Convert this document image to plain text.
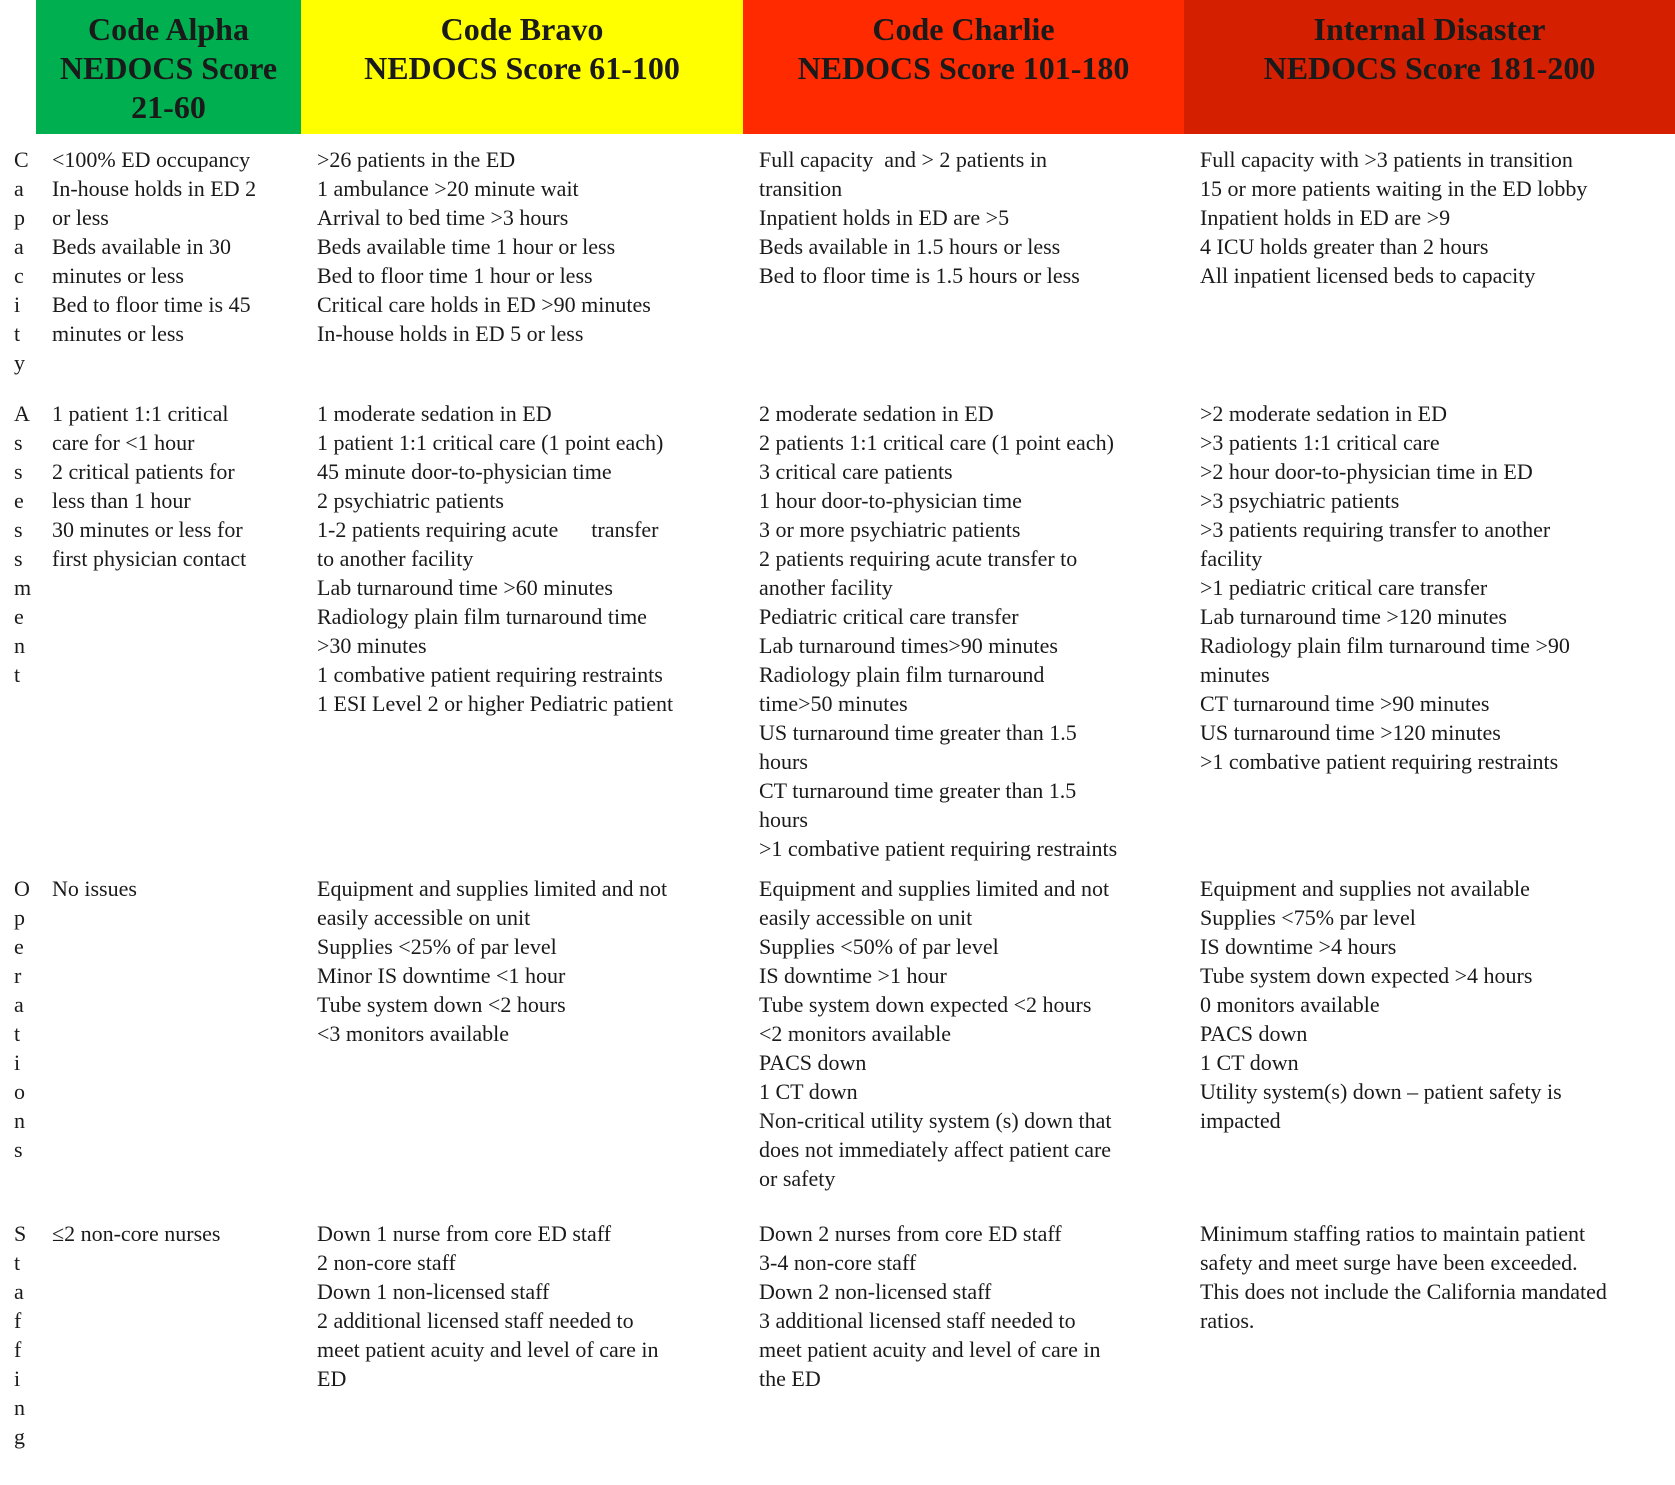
Code Alpha
NEDOCS Score
21-60
Code Bravo
NEDOCS Score 61-100
Code Charlie
NEDOCS Score 101-180
Internal Disaster
NEDOCS Score 181-200
C
a
p
a
c
i
t
y
<100% ED occupancy
In-house holds in ED 2
or less
Beds available in 30
minutes or less
Bed to floor time is 45
minutes or less
>26 patients in the ED
1 ambulance >20 minute wait
Arrival to bed time >3 hours
Beds available time 1 hour or less
Bed to floor time 1 hour or less
Critical care holds in ED >90 minutes
In-house holds in ED 5 or less
Full capacity  and > 2 patients in
transition
Inpatient holds in ED are >5
Beds available in 1.5 hours or less
Bed to floor time is 1.5 hours or less
Full capacity with >3 patients in transition
15 or more patients waiting in the ED lobby
Inpatient holds in ED are >9
4 ICU holds greater than 2 hours
All inpatient licensed beds to capacity
A
s
s
e
s
s
m
e
n
t
1 patient 1:1 critical
care for <1 hour
2 critical patients for
less than 1 hour
30 minutes or less for
first physician contact
1 moderate sedation in ED
1 patient 1:1 critical care (1 point each)
45 minute door-to-physician time
2 psychiatric patients
1-2 patients requiring acute      transfer
to another facility
Lab turnaround time >60 minutes
Radiology plain film turnaround time
>30 minutes
1 combative patient requiring restraints
1 ESI Level 2 or higher Pediatric patient
2 moderate sedation in ED
2 patients 1:1 critical care (1 point each)
3 critical care patients
1 hour door-to-physician time
3 or more psychiatric patients
2 patients requiring acute transfer to
another facility
Pediatric critical care transfer
Lab turnaround times>90 minutes
Radiology plain film turnaround
time>50 minutes
US turnaround time greater than 1.5
hours
CT turnaround time greater than 1.5
hours
>1 combative patient requiring restraints
>2 moderate sedation in ED
>3 patients 1:1 critical care
>2 hour door-to-physician time in ED
>3 psychiatric patients
>3 patients requiring transfer to another
facility
>1 pediatric critical care transfer
Lab turnaround time >120 minutes
Radiology plain film turnaround time >90
minutes
CT turnaround time >90 minutes
US turnaround time >120 minutes
>1 combative patient requiring restraints
O
p
e
r
a
t
i
o
n
s
No issues	Equipment and supplies limited and not
easily accessible on unit
Supplies <25% of par level
Minor IS downtime <1 hour
Tube system down <2 hours
<3 monitors available
Equipment and supplies limited and not
easily accessible on unit
Supplies <50% of par level
IS downtime >1 hour
Tube system down expected <2 hours
<2 monitors available
PACS down
1 CT down
Non-critical utility system (s) down that
does not immediately affect patient care
or safety
Equipment and supplies not available
Supplies <75% par level
IS downtime >4 hours
Tube system down expected >4 hours
0 monitors available
PACS down
1 CT down
Utility system(s) down – patient safety is
impacted
S
t
a
f
f
i
n
g
≤2 non-core nurses	Down 1 nurse from core ED staff
2 non-core staff
Down 1 non-licensed staff
2 additional licensed staff needed to
meet patient acuity and level of care in
ED
Down 2 nurses from core ED staff
3-4 non-core staff
Down 2 non-licensed staff
3 additional licensed staff needed to
meet patient acuity and level of care in
the ED
Minimum staffing ratios to maintain patient
safety and meet surge have been exceeded.
This does not include the California mandated
ratios.
